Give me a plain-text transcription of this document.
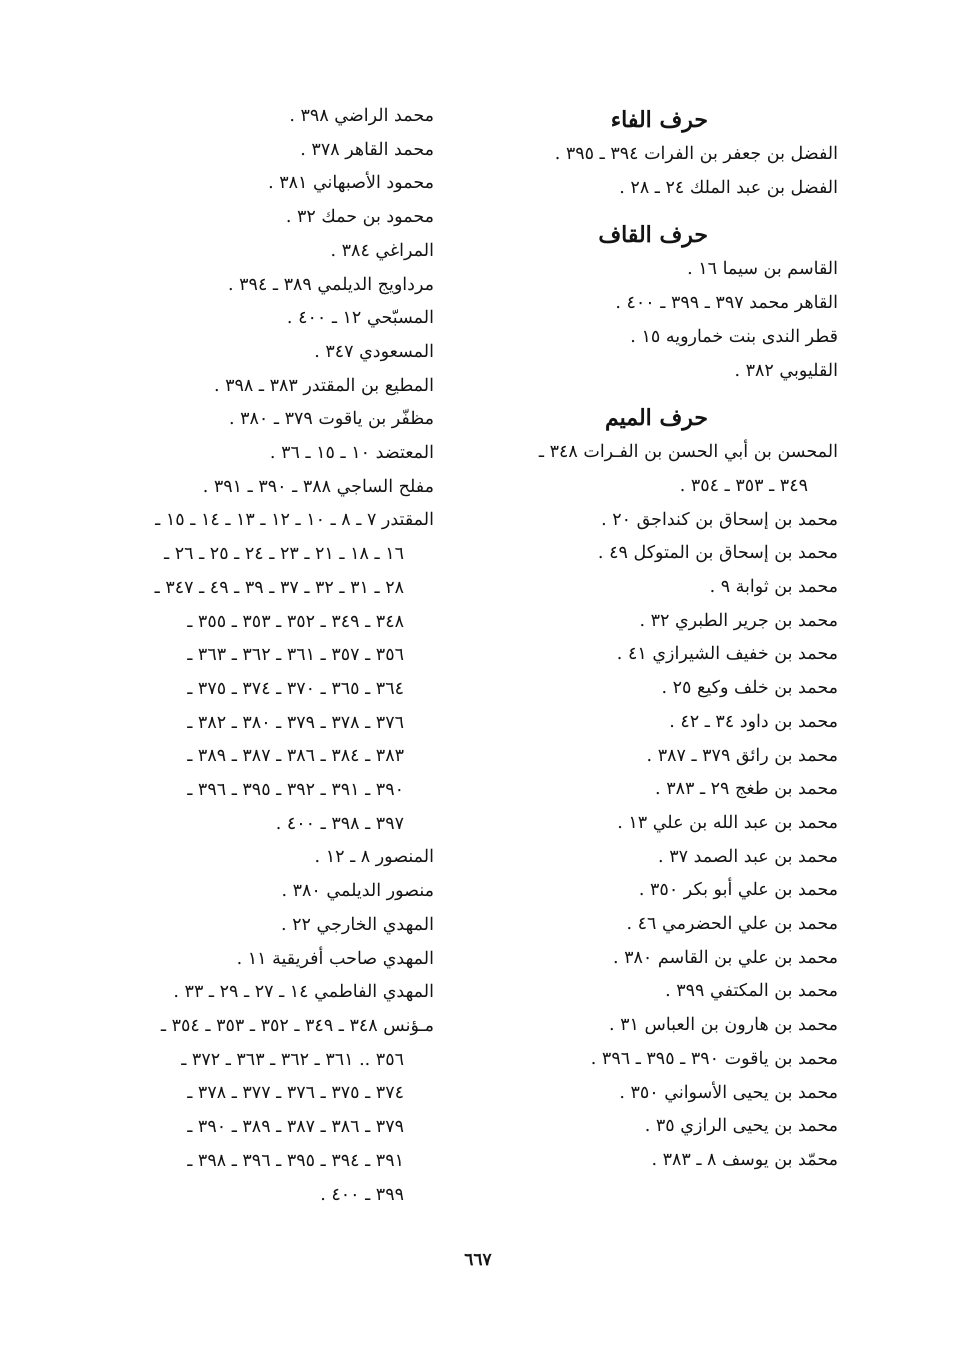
حرف الفاء
الفضل بن جعفر بن الفرات ٣٩٤ ـ ٣٩٥ .
الفضل بن عبد الملك ٢٤ ـ ٢٨ .
حرف القاف
القاسم بن سيما ١٦ .
القاهر محمد ٣٩٧ ـ ٣٩٩ ـ ٤٠٠ .
قطر الندى بنت خمارويه ١٥ .
القليوبي ٣٨٢ .
حرف الميم
المحسن بن أبي الحسن بن الفـرات ٣٤٨ ـ
٣٤٩ ـ ٣٥٣ ـ ٣٥٤ .
محمد بن إسحاق بن كنداجق ٢٠ .
محمد بن إسحاق بن المتوكل ٤٩ .
محمد بن ثوابة ٩ .
محمد بن جرير الطبري ٣٢ .
محمد بن خفيف الشيرازي ٤١ .
محمد بن خلف وكيع ٢٥ .
محمد بن داود ٣٤ ـ ٤٢ .
محمد بن رائق ٣٧٩ ـ ٣٨٧ .
محمد بن طغج ٢٩ ـ ٣٨٣ .
محمد بن عبد الله بن علي ١٣ .
محمد بن عبد الصمد ٣٧ .
محمد بن علي أبو بكر ٣٥٠ .
محمد بن علي الحضرمي ٤٦ .
محمد بن علي بن القاسم ٣٨٠ .
محمد بن المكتفي ٣٩٩ .
محمد بن هارون بن العباس ٣١ .
محمد بن ياقوت ٣٩٠ ـ ٣٩٥ ـ ٣٩٦ .
محمد بن يحيى الأسواني ٣٥٠ .
محمد بن يحيى الرازي ٣٥ .
محمّد بن يوسف ٨ ـ ٣٨٣ .
محمد الراضي ٣٩٨ .
محمد القاهر ٣٧٨ .
محمود الأصبهاني ٣٨١ .
محمود بن حمك ٣٢ .
المراغي ٣٨٤ .
مرداويج الديلمي ٣٨٩ ـ ٣٩٤ .
المسبّحي ١٢ ـ ٤٠٠ .
المسعودي ٣٤٧ .
المطيع بن المقتدر ٣٨٣ ـ ٣٩٨ .
مظفّر بن ياقوت ٣٧٩ ـ ٣٨٠ .
المعتضد ١٠ ـ ١٥ ـ ٣٦ .
مفلح الساجي ٣٨٨ ـ ٣٩٠ ـ ٣٩١ .
المقتدر ٧ ـ ٨ ـ ١٠ ـ ١٢ ـ ١٣ ـ ١٤ ـ ١٥ ـ
١٦ ـ ١٨ ـ ٢١ ـ ٢٣ ـ ٢٤ ـ ٢٥ ـ ٢٦ ـ
٢٨ ـ ٣١ ـ ٣٢ ـ ٣٧ ـ ٣٩ ـ ٤٩ ـ ٣٤٧ ـ
٣٤٨ ـ ٣٤٩ ـ ٣٥٢ ـ ٣٥٣ ـ ٣٥٥ ـ
٣٥٦ ـ ٣٥٧ ـ ٣٦١ ـ ٣٦٢ ـ ٣٦٣ ـ
٣٦٤ ـ ٣٦٥ ـ ٣٧٠ ـ ٣٧٤ ـ ٣٧٥ ـ
٣٧٦ ـ ٣٧٨ ـ ٣٧٩ ـ ٣٨٠ ـ ٣٨٢ ـ
٣٨٣ ـ ٣٨٤ ـ ٣٨٦ ـ ٣٨٧ ـ ٣٨٩ ـ
٣٩٠ ـ ٣٩١ ـ ٣٩٢ ـ ٣٩٥ ـ ٣٩٦ ـ
٣٩٧ ـ ٣٩٨ ـ ٤٠٠ .
المنصور ٨ ـ ١٢ .
منصور الديلمي ٣٨٠ .
المهدي الخارجي ٢٢ .
المهدي صاحب أفريقية ١١ .
المهدي الفاطمي ١٤ ـ ٢٧ ـ ٢٩ ـ ٣٣ .
مـؤنس ٣٤٨ ـ ٣٤٩ ـ ٣٥٢ ـ ٣٥٣ ـ ٣٥٤ ـ
٣٥٦ .. ٣٦١ ـ ٣٦٢ ـ ٣٦٣ ـ ٣٧٢ ـ
٣٧٤ ـ ٣٧٥ ـ ٣٧٦ ـ ٣٧٧ ـ ٣٧٨ ـ
٣٧٩ ـ ٣٨٦ ـ ٣٨٧ ـ ٣٨٩ ـ ٣٩٠ ـ
٣٩١ ـ ٣٩٤ ـ ٣٩٥ ـ ٣٩٦ ـ ٣٩٨ ـ
٣٩٩ ـ ٤٠٠ .
٦٦٧
